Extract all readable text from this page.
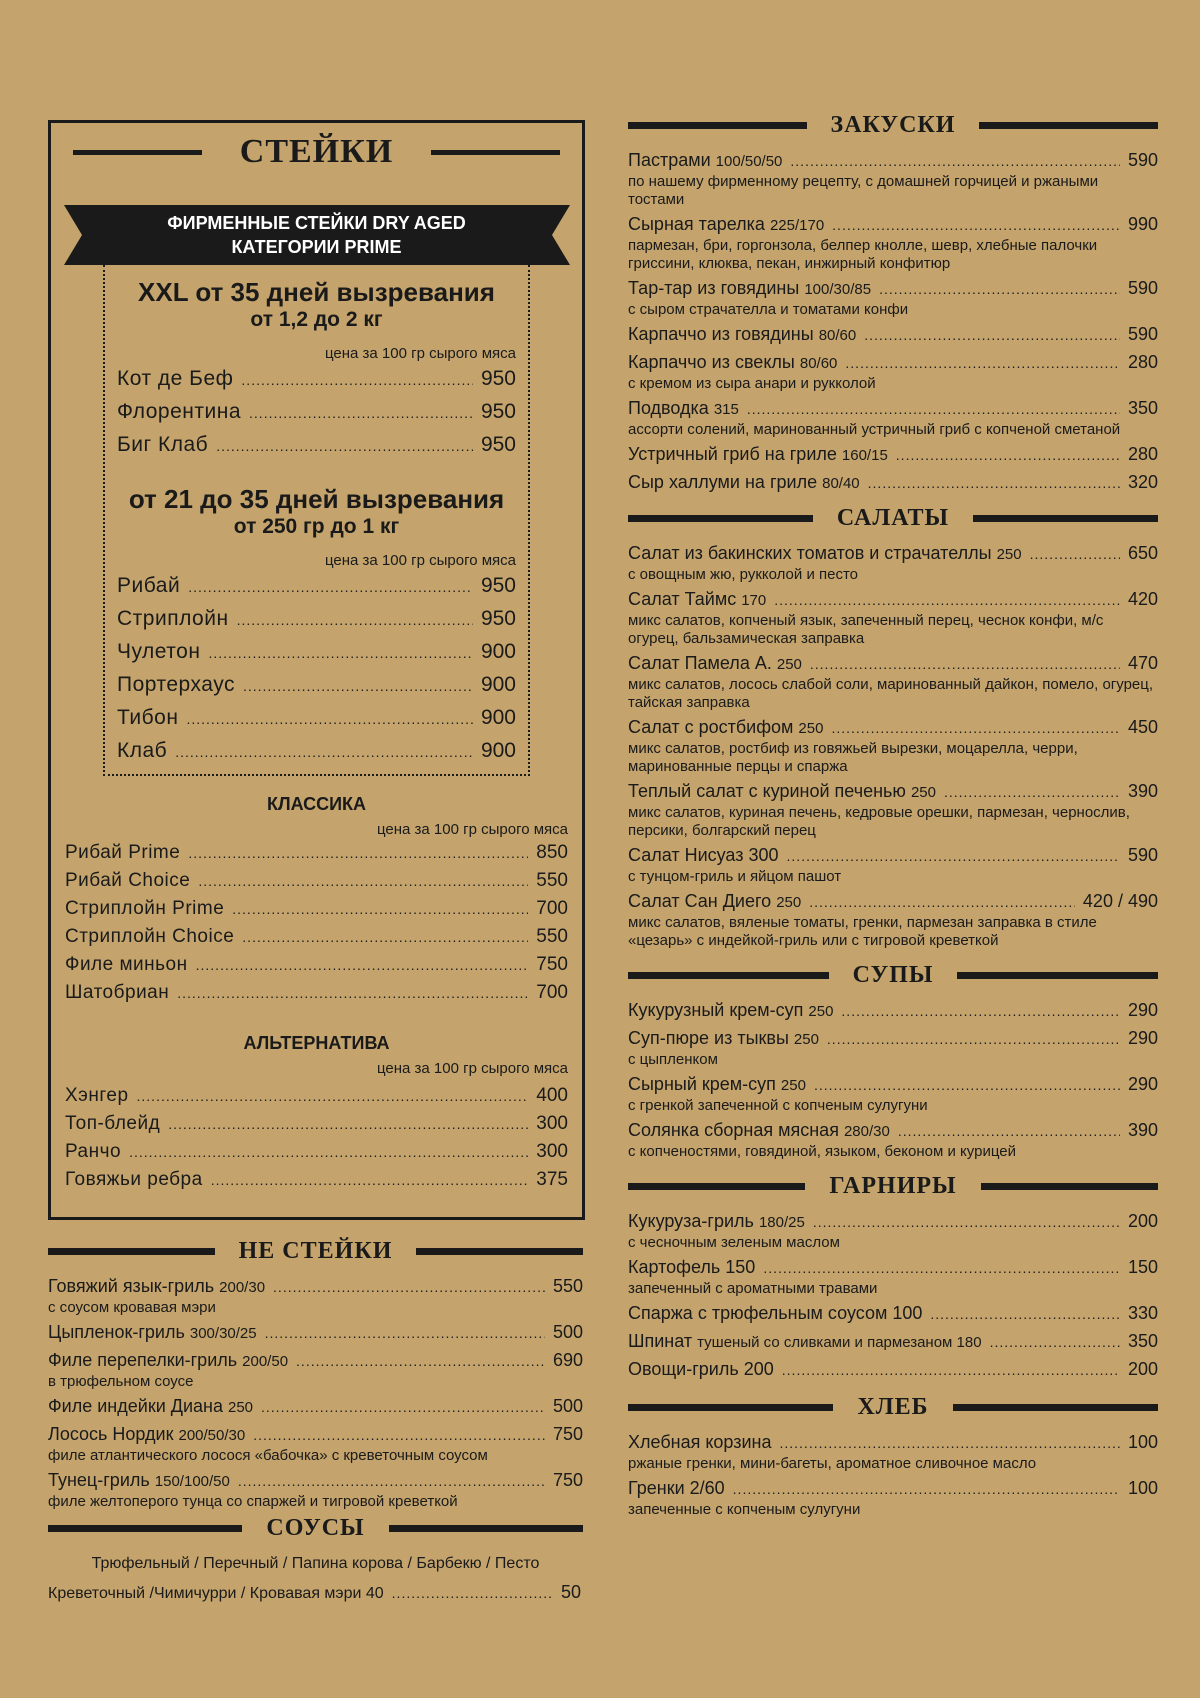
СТЕЙКИ
ФИРМЕННЫЕ СТЕЙКИ DRY AGED
КАТЕГОРИИ PRIME
XXL от 35 дней вызревания
от 1,2 до 2 кг
цена за 100 гр сырого мяса
Кот де Беф .....	950
Флорентина .....	950
Биг Клаб .....	950
от 21 до 35 дней вызревания
от 250 гр до 1 кг
цена за 100 гр сырого мяса
Рибай .....	950
Стриплойн .....	950
Чулетон .....	900
Портерхаус .....	900
Тибон .....	900
Клаб .....	900
КЛАССИКА
цена за 100 гр сырого мяса
Рибай Prime .....	850
Рибай Choice .....	550
Стриплойн Prime .....	700
Стриплойн Choice .....	550
Филе миньон .....	750
Шатобриан .....	700
АЛЬТЕРНАТИВА
цена за 100 гр сырого мяса
Хэнгер .....	400
Топ-блейд .....	300
Ранчо .....	300
Говяжьи ребра .....	375
НЕ СТЕЙКИ
Говяжий язык-гриль 200/30 .....	550
с соусом кровавая мэри
Цыпленок-гриль 300/30/25 .....	500
Филе перепелки-гриль 200/50 .....	690
в трюфельном соусе
Филе индейки Диана 250 .....	500
Лосось Нордик 200/50/30 .....	750
филе атлантического лосося «бабочка» с креветочным соусом
Тунец-гриль 150/100/50 .....	750
филе желтоперого тунца со спаржей и тигровой креветкой
СОУСЫ
Трюфельный / Перечный / Папина корова / Барбекю / Песто
Креветочный /Чимичурри / Кровавая мэри 40 .....	50
ЗАКУСКИ
Пастрами 100/50/50 .....	590
по нашему фирменному рецепту, с домашней горчицей и ржаными тостами
Сырная тарелка 225/170 .....	990
пармезан, бри, горгонзола, белпер кнолле, шевр, хлебные палочки гриссини, клюква, пекан, инжирный конфитюр
Тар-тар из говядины 100/30/85 .....	590
с сыром страчателла и томатами конфи
Карпаччо из говядины 80/60 .....	590
Карпаччо из свеклы 80/60 .....	280
с кремом из сыра анари и рукколой
Подводка 315 .....	350
ассорти солений, маринованный устричный гриб с копченой сметаной
Устричный гриб на гриле 160/15 .....	280
Сыр халлуми на гриле 80/40 .....	320
САЛАТЫ
Салат из бакинских томатов и страчателлы 250 .....	650
с овощным жю, рукколой и песто
Салат Таймс 170 .....	420
микс салатов, копченый язык, запеченный перец, чеснок конфи, м/с огурец, бальзамическая заправка
Салат Памела А. 250 .....	470
микс салатов, лосось слабой соли, маринованный дайкон, помело, огурец, тайская заправка
Салат с ростбифом 250 .....	450
микс салатов, ростбиф из говяжьей вырезки, моцарелла, черри, маринованные перцы и спаржа
Теплый салат с куриной печенью 250 .....	390
микс салатов, куриная печень, кедровые орешки, пармезан, чернослив, персики, болгарский перец
Салат Нисуаз 300 .....	590
с тунцом-гриль и яйцом пашот
Салат Сан Диего 250 .....	420 / 490
микс салатов, вяленые томаты, гренки, пармезан заправка в стиле «цезарь» с индейкой-гриль или с тигровой креветкой
СУПЫ
Кукурузный крем-суп 250 .....	290
Суп-пюре из тыквы 250 .....	290
с цыпленком
Сырный крем-суп 250 .....	290
с гренкой запеченной с копченым сулугуни
Солянка сборная мясная 280/30 .....	390
с копченостями, говядиной, языком, беконом и курицей
ГАРНИРЫ
Кукуруза-гриль 180/25 .....	200
с чесночным зеленым маслом
Картофель 150 .....	150
запеченный с ароматными травами
Спаржа с трюфельным соусом 100 .....	330
Шпинат тушеный со сливками и пармезаном 180 .....	350
Овощи-гриль 200 .....	200
ХЛЕБ
Хлебная корзина .....	100
ржаные гренки, мини-багеты, ароматное сливочное масло
Гренки 2/60 .....	100
запеченные с копченым сулугуни
